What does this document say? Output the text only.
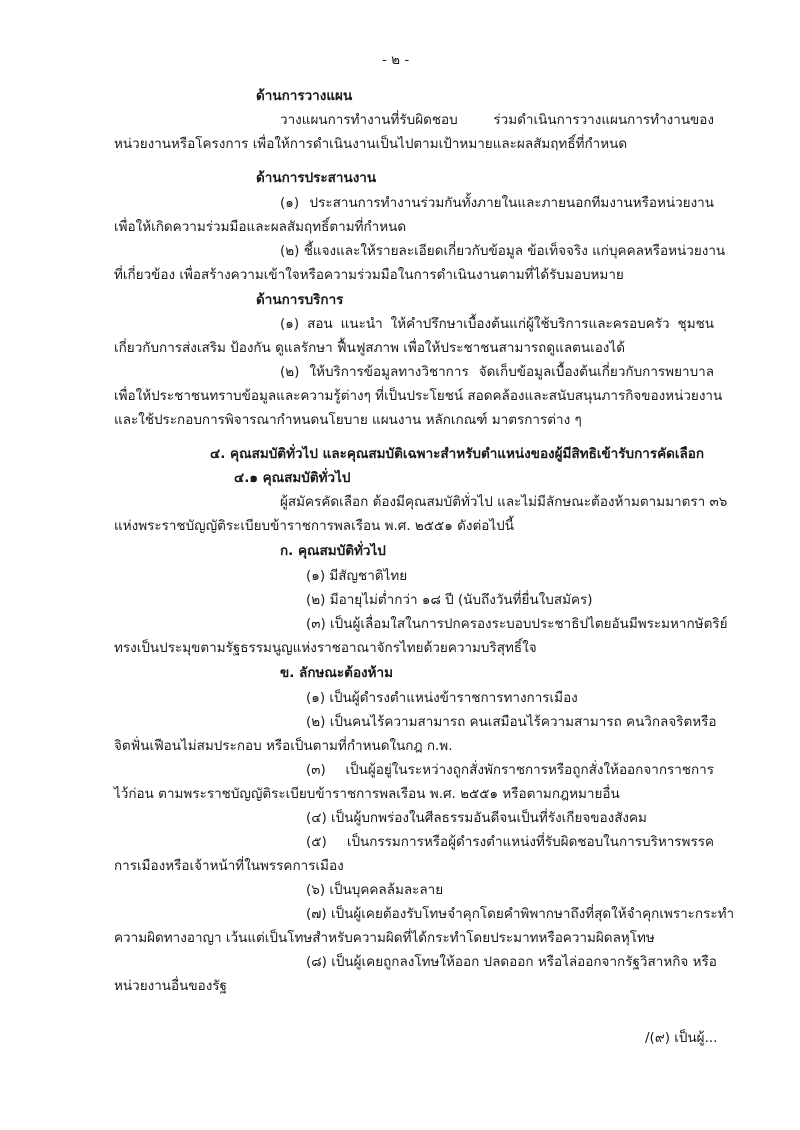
- ๒ -
ด้านการวางแผน
วางแผนการทำงานที่รับผิดชอบ ร่วมดำเนินการวางแผนการทำงานของ
หน่วยงานหรือโครงการ เพื่อให้การดำเนินงานเป็นไปตามเป้าหมายและผลสัมฤทธิ์ที่กำหนด
ด้านการประสานงาน
(๑) ประสานการทำงานร่วมกันทั้งภายในและภายนอกทีมงานหรือหน่วยงาน
เพื่อให้เกิดความร่วมมือและผลสัมฤทธิ์ตามที่กำหนด
(๒) ชี้แจงและให้รายละเอียดเกี่ยวกับข้อมูล ข้อเท็จจริง แก่บุคคลหรือหน่วยงาน
ที่เกี่ยวข้อง เพื่อสร้างความเข้าใจหรือความร่วมมือในการดำเนินงานตามที่ได้รับมอบหมาย
ด้านการบริการ
(๑) สอน แนะนำ ให้คำปรึกษาเบื้องต้นแก่ผู้ใช้บริการและครอบครัว ชุมชน
เกี่ยวกับการส่งเสริม ป้องกัน ดูแลรักษา ฟื้นฟูสภาพ เพื่อให้ประชาชนสามารถดูแลตนเองได้
(๒) ให้บริการข้อมูลทางวิชาการ จัดเก็บข้อมูลเบื้องต้นเกี่ยวกับการพยาบาล
เพื่อให้ประชาชนทราบข้อมูลและความรู้ต่างๆ ที่เป็นประโยชน์ สอดคล้องและสนับสนุนภารกิจของหน่วยงาน
และใช้ประกอบการพิจารณากำหนดนโยบาย แผนงาน หลักเกณฑ์ มาตรการต่าง ๆ
๔. คุณสมบัติทั่วไป และคุณสมบัติเฉพาะสำหรับตำแหน่งของผู้มีสิทธิเข้ารับการคัดเลือก
๔.๑ คุณสมบัติทั่วไป
ผู้สมัครคัดเลือก ต้องมีคุณสมบัติทั่วไป และไม่มีลักษณะต้องห้ามตามมาตรา ๓๖
แห่งพระราชบัญญัติระเบียบข้าราชการพลเรือน พ.ศ. ๒๕๕๑ ดังต่อไปนี้
ก. คุณสมบัติทั่วไป
(๑) มีสัญชาติไทย
(๒) มีอายุไม่ต่ำกว่า ๑๘ ปี (นับถึงวันที่ยื่นใบสมัคร)
(๓) เป็นผู้เลื่อมใสในการปกครองระบอบประชาธิปไตยอันมีพระมหากษัตริย์
ทรงเป็นประมุขตามรัฐธรรมนูญแห่งราชอาณาจักรไทยด้วยความบริสุทธิ์ใจ
ข. ลักษณะต้องห้าม
(๑) เป็นผู้ดำรงตำแหน่งข้าราชการทางการเมือง
(๒) เป็นคนไร้ความสามารถ คนเสมือนไร้ความสามารถ คนวิกลจริตหรือ
จิตฟั่นเฟือนไม่สมประกอบ หรือเป็นตามที่กำหนดในกฎ ก.พ.
(๓) เป็นผู้อยู่ในระหว่างถูกสั่งพักราชการหรือถูกสั่งให้ออกจากราชการ
ไว้ก่อน ตามพระราชบัญญัติระเบียบข้าราชการพลเรือน พ.ศ. ๒๕๕๑ หรือตามกฎหมายอื่น
(๔) เป็นผู้บกพร่องในศีลธรรมอันดีจนเป็นที่รังเกียจของสังคม
(๕) เป็นกรรมการหรือผู้ดำรงตำแหน่งที่รับผิดชอบในการบริหารพรรค
การเมืองหรือเจ้าหน้าที่ในพรรคการเมือง
(๖) เป็นบุคคลล้มละลาย
(๗) เป็นผู้เคยต้องรับโทษจำคุกโดยคำพิพากษาถึงที่สุดให้จำคุกเพราะกระทำ
ความผิดทางอาญา เว้นแต่เป็นโทษสำหรับความผิดที่ได้กระทำโดยประมาทหรือความผิดลหุโทษ
(๘) เป็นผู้เคยถูกลงโทษให้ออก ปลดออก หรือไล่ออกจากรัฐวิสาหกิจ หรือ
หน่วยงานอื่นของรัฐ
/(๙) เป็นผู้...
